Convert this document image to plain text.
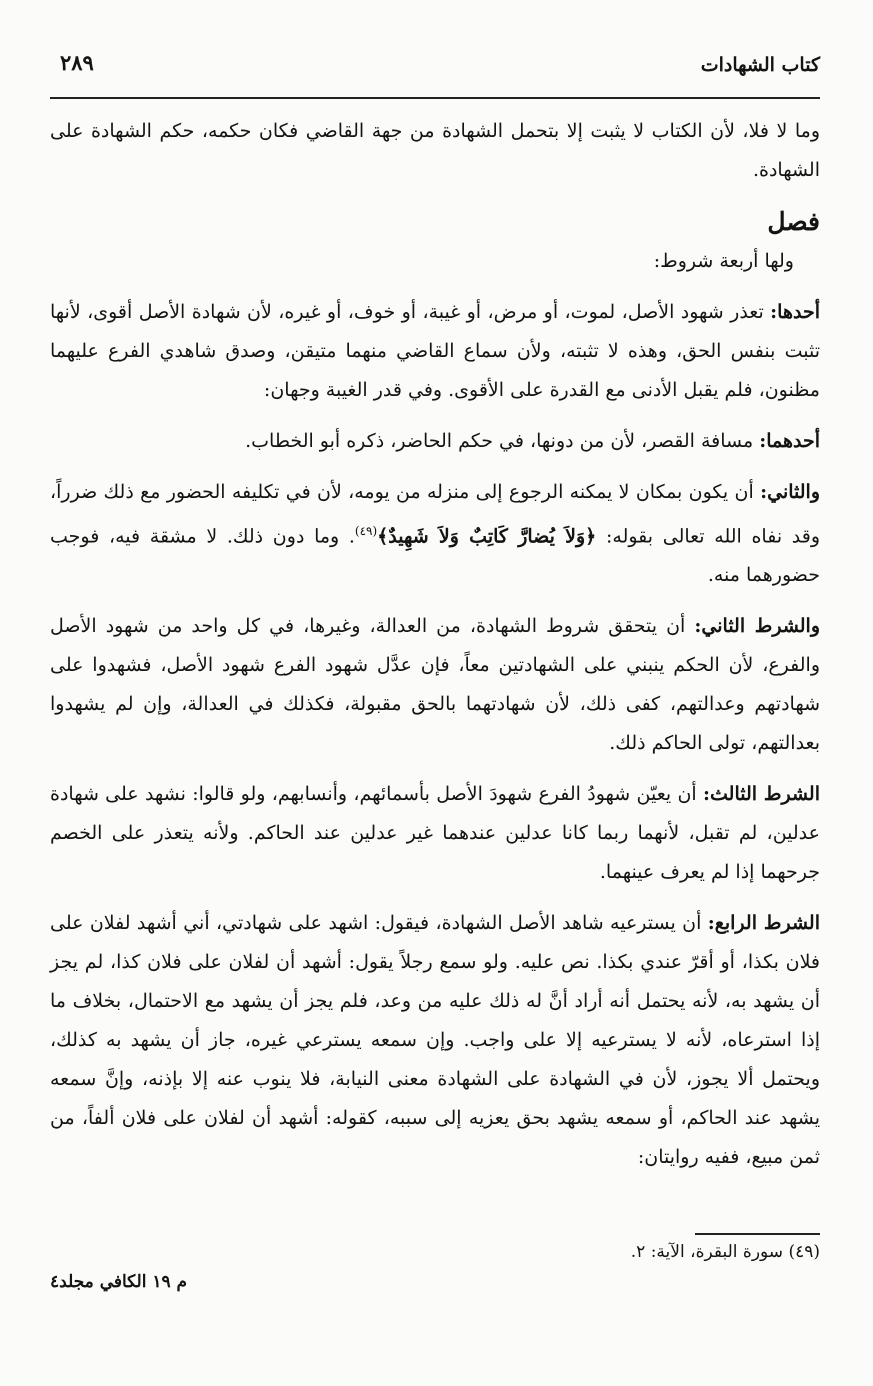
كتاب الشهادات
٢٨٩

وما لا فلا، لأن الكتاب لا يثبت إلا بتحمل الشهادة من جهة القاضي فكان حكمه، حكم الشهادة على الشهادة.

فصل

ولها أربعة شروط:

أحدها: تعذر شهود الأصل، لموت، أو مرض، أو غيبة، أو خوف، أو غيره، لأن شهادة الأصل أقوى، لأنها تثبت بنفس الحق، وهذه لا تثبته، ولأن سماع القاضي منهما متيقن، وصدق شاهدي الفرع عليهما مظنون، فلم يقبل الأدنى مع القدرة على الأقوى. وفي قدر الغيبة وجهان:

أحدهما: مسافة القصر، لأن من دونها، في حكم الحاضر، ذكره أبو الخطاب.

والثاني: أن يكون بمكان لا يمكنه الرجوع إلى منزله من يومه، لأن في تكليفه الحضور مع ذلك ضرراً، وقد نفاه الله تعالى بقوله: ﴿وَلاَ يُضارَّ كَاتِبٌ وَلاَ شَهِيدٌ﴾$^{(٤٩)}$. وما دون ذلك. لا مشقة فيه، فوجب حضورهما منه.

والشرط الثاني: أن يتحقق شروط الشهادة، من العدالة، وغيرها، في كل واحد من شهود الأصل والفرع، لأن الحكم ينبني على الشهادتين معاً، فإن عدَّل شهود الفرع شهود الأصل، فشهدوا على شهادتهم وعدالتهم، كفى ذلك، لأن شهادتهما بالحق مقبولة، فكذلك في العدالة، وإن لم يشهدوا بعدالتهم، تولى الحاكم ذلك.

الشرط الثالث: أن يعيّن شهودُ الفرع شهودَ الأصل بأسمائهم، وأنسابهم، ولو قالوا: نشهد على شهادة عدلين، لم تقبل، لأنهما ربما كانا عدلين عندهما غير عدلين عند الحاكم. ولأنه يتعذر على الخصم جرحهما إذا لم يعرف عينهما.

الشرط الرابع: أن يسترعيه شاهد الأصل الشهادة، فيقول: اشهد على شهادتي، أني أشهد لفلان على فلان بكذا، أو أقرّ عندي بكذا. نص عليه. ولو سمع رجلاً يقول: أشهد أن لفلان على فلان كذا، لم يجز أن يشهد به، لأنه يحتمل أنه أراد أنَّ له ذلك عليه من وعد، فلم يجز أن يشهد مع الاحتمال، بخلاف ما إذا استرعاه، لأنه لا يسترعيه إلا على واجب. وإن سمعه يسترعي غيره، جاز أن يشهد به كذلك، ويحتمل ألا يجوز، لأن في الشهادة على الشهادة معنى النيابة، فلا ينوب عنه إلا بإذنه، وإنَّ سمعه يشهد عند الحاكم، أو سمعه يشهد بحق يعزيه إلى سببه، كقوله: أشهد أن لفلان على فلان ألفاً، من ثمن مبيع، ففيه روايتان:

(٤٩) سورة البقرة، الآية: ٢.
م ١٩ الكافي مجلد٤
